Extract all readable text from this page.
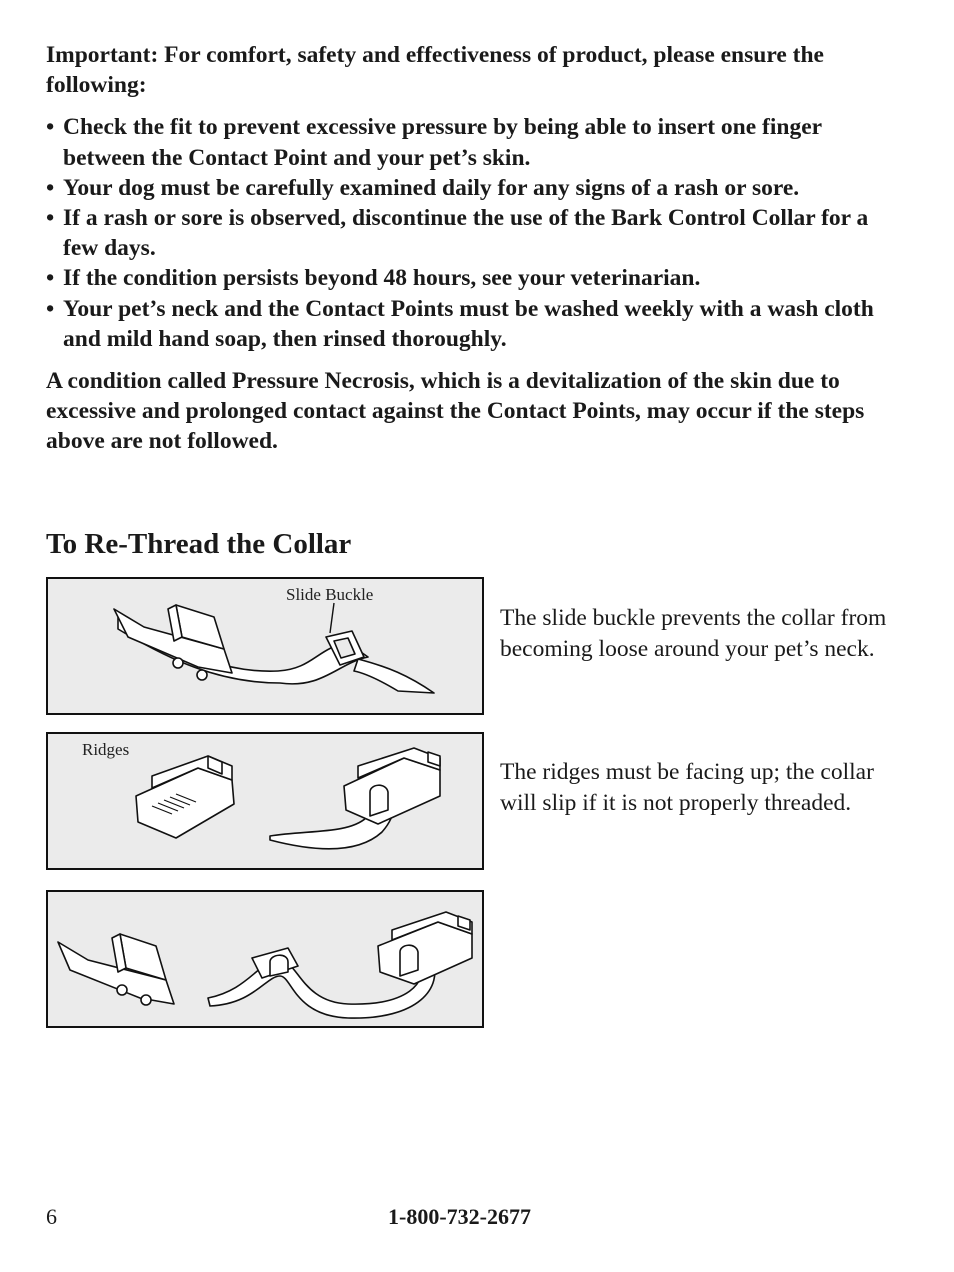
Important: For comfort, safety and effectiveness of product, please ensure the following:

• Check the fit to prevent excessive pressure by being able to insert one finger between the Contact Point and your pet’s skin.
• Your dog must be carefully examined daily for any signs of a rash or sore.
• If a rash or sore is observed, discontinue the use of the Bark Control Collar for a few days.
• If the condition persists beyond 48 hours, see your veterinarian.
• Your pet’s neck and the Contact Points must be washed weekly with a wash cloth and mild hand soap, then rinsed thoroughly.

A condition called Pressure Necrosis, which is a devitalization of the skin due to excessive and prolonged contact against the Contact Points, may occur if the steps above are not followed.

To Re-Thread the Collar
Slide Buckle
Ridges

The slide buckle prevents the collar from becoming loose around your pet’s neck.

The ridges must be facing up; the collar will slip if it is not properly threaded.

6	1-800-732-2677
